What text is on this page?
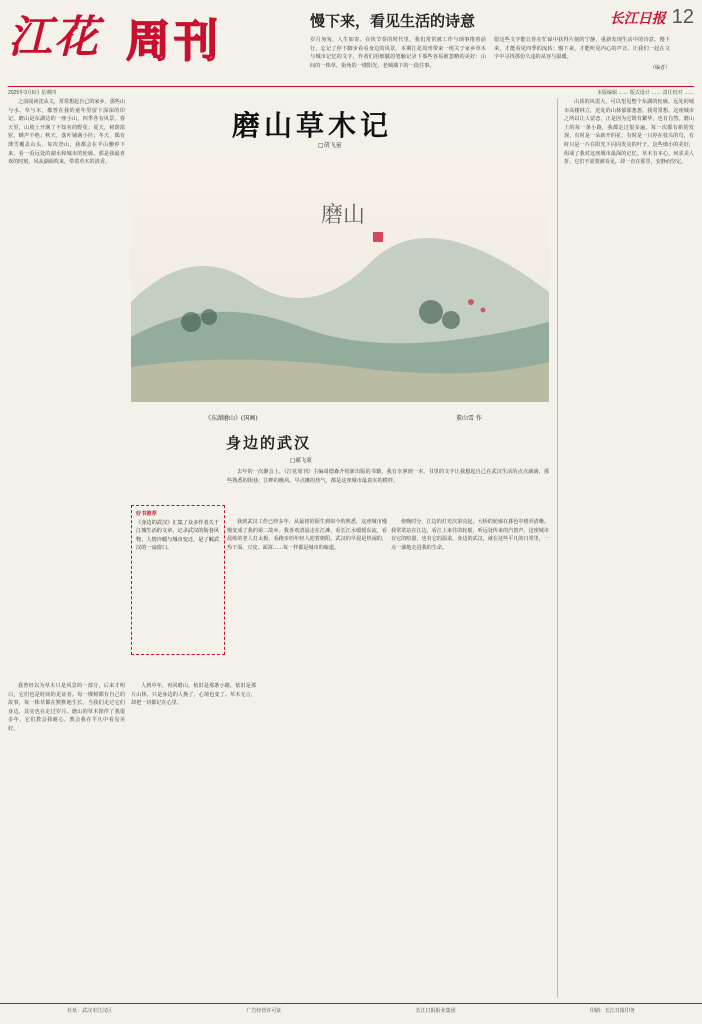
江花 周刊	长江日报 12
慢下来，看见生活的诗意
岁月匆匆，人生如寄。在快节奏的时代里，我们常常被工作与琐事推着前行，忘记了停下脚步看看身边的风景。本期江花周刊带来一组关于家乡草木与城市记忆的文字，作者们用细腻的笔触记录下那些容易被忽略的美好：山间的一株草，街角的一缕阳光，老城墙下的一段往事。
愿这些文字能让你在忙碌中获得片刻的宁静，重新发现生活中的诗意。慢下来，才能看见四季的流转；慢下来，才能听见内心的声音。让我们一起在文字中寻找那份久违的从容与温暖。
（编者）
2025年3月6日 星期四	本版编辑 …… 版式设计 …… 责任校对 ……
之前阅读沈从文，常常想起自己的家乡。那些山与水、草与木，都曾在我的童年里留下深深的印记。磨山是东湖边的一座小山，四季各有风景。春天里，山坡上开满了不知名的野花；夏天，树荫浓密，蝉声不绝；秋天，落叶铺满小径；冬天，偶有薄雪覆盖山头。每次登山，我都会在半山腰停下来，看一看远处的湖水和城市的轮廓。那是我最喜欢的时刻，风从湖面吹来，带着草木的清香。
我曾经以为草木只是风景的一部分，后来才明白，它们也是时间的见证者。每一棵树都有自己的故事，每一株草都在默默地生长。当我们走过它们身边，其实也在走过岁月。磨山的草木陪伴了我很多年，它们教会我耐心，教会我在平凡中看见美好。
人到中年，再回磨山，依旧是那条小路，依旧是那片山林。只是身边的人换了，心境也变了。草木无言，却把一切都记在心里。
磨山草木记
□胡飞童
磨山
《东湖磨山》(国画)	董山雪 作
身边的武汉
□郝飞童
去年的一次聚会上，《江花周刊》主编周德森介绍新出版的书籍，我有幸拿到一本。书里的文字让我想起自己在武汉生活的点点滴滴，那些熟悉的街巷、江畔的晚风、早点摊的热气，都是这座城市最真实的模样。
好书推荐
《身边的武汉》汇集了众多作者关于江城生活的文章，记录武汉的街巷风物、人情冷暖与城市变迁，是了解武汉的一扇窗口。
我到武汉工作已经多年，从最初的陌生到如今的熟悉，这座城市慢慢变成了我的第二故乡。我喜欢清晨走在江滩，看长江水缓缓东流，看晨练的老人打太极，看跑步的年轻人迎着朝阳。武汉的早晨是热闹的，热干面、豆皮、面窝……每一样都是城市的味道。
傍晚时分，江边的灯光次第亮起，大桥的轮廓在暮色中格外清晰。我常常站在江边，看江上来往的轮船，听远处传来的汽笛声。这座城市有它的喧嚣，也有它的温柔。身边的武汉，就在这些平凡的日常里，一点一滴地走进我的生命。
山顶的风很大，可以望见整个东湖的轮廓。远处的城市高楼林立，近处的山林郁郁葱葱。我常常想，这座城市之所以让人留恋，正是因为它既有繁华，也有自然。磨山上的每一条小路，我都走过很多遍，每一次都有新的发现。有时是一朵新开的花，有时是一只停在枝头的鸟，有时只是一片在阳光下闪闪发亮的叶子。这些细小的美好，组成了我对这座城市最深的记忆。草木有本心，何求美人折。它们不需要被看见，却一直在那里，安静而坚定。
社址：武汉市江汉区	广告经营许可证	长江日报报业集团	印刷：长江日报印务
